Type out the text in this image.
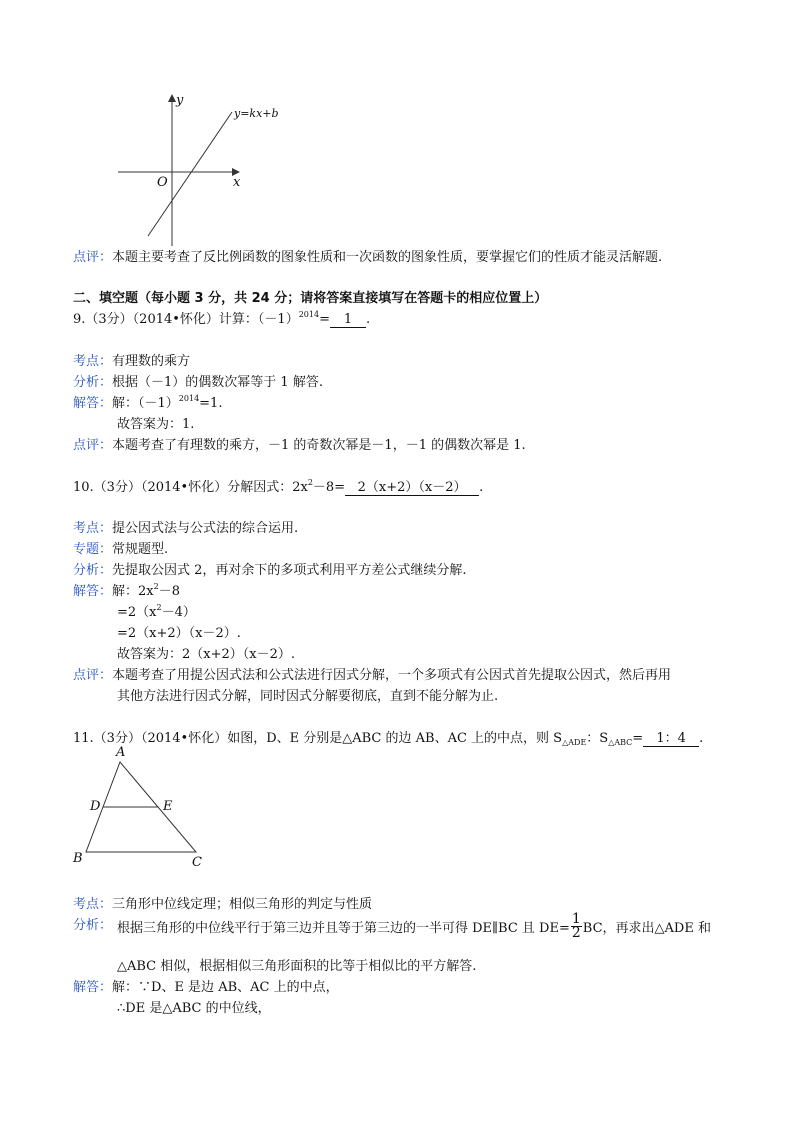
y
x
O
y=kx+b
点评：本题主要考查了反比例函数的图象性质和一次函数的图象性质，要掌握它们的性质才能灵活解题.
二、填空题（每小题 3 分，共 24 分；请将答案直接填写在答题卡的相应位置上）
9.（3分）（2014•怀化）计算：$(-1)^{2014}= 1$ .
考点：有理数的乘方
分析：根据（－1）的偶数次幂等于 1 解答.
解答：解：$(-1)^{2014}=1$.
故答案为：1.
点评：本题考查了有理数的乘方，－1 的奇数次幂是－1，－1 的偶数次幂是 1.
10.（3分）（2014•怀化）分解因式：$2x^2-8= 2(x+2)(x-2)$ .
考点：提公因式法与公式法的综合运用.
专题：常规题型.
分析：先提取公因式 2，再对余下的多项式利用平方差公式继续分解.
解答：解：$2x^2-8$
$=2(x^2-4)$
=2（x+2）（x－2）.
故答案为：2（x+2）（x－2）.
点评：本题考查了用提公因式法和公式法进行因式分解，一个多项式有公因式首先提取公因式，然后再用
其他方法进行因式分解，同时因式分解要彻底，直到不能分解为止.
11.（3分）（2014•怀化）如图，D、E 分别是△ABC 的边 AB、AC 上的中点，则 $S_{\triangle ADE}$：$S_{\triangle ABC}= 1$：4 .
A
B	C
D	E
考点：三角形中位线定理；相似三角形的判定与性质
分析： 根据三角形的中位线平行于第三边并且等于第三边的一半可得 DE∥BC 且 $DE= \frac{1}{2}$ BC，再求出△ADE 和
△ABC 相似，根据相似三角形面积的比等于相似比的平方解答.
解答：解：∵D、E 是边 AB、AC 上的中点，
∴DE 是△ABC 的中位线，
